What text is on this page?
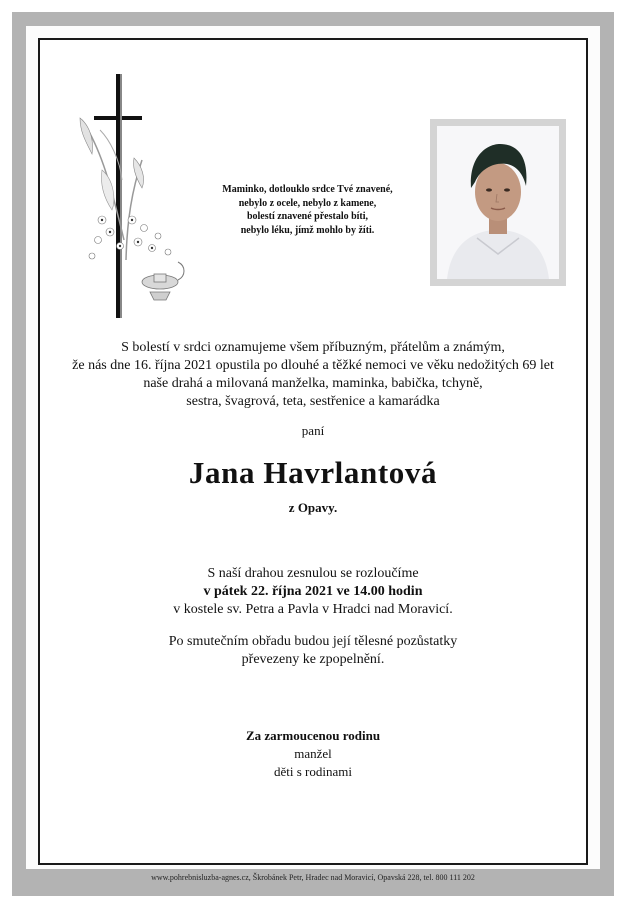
Maminko, dotlouklo srdce Tvé znavené,
nebylo z ocele, nebylo z kamene,
bolestí znavené přestalo bíti,
nebylo léku, jímž mohlo by žíti.
S bolestí v srdci oznamujeme všem příbuzným, přátelům a známým,
že nás dne 16. října 2021 opustila po dlouhé a těžké nemoci ve věku nedožitých 69 let
naše drahá a milovaná manželka, maminka, babička, tchyně,
sestra, švagrová, teta, sestřenice a kamarádka
paní
Jana Havrlantová
z Opavy.
S naší drahou zesnulou se rozloučíme
v pátek 22. října 2021 ve 14.00 hodin
v kostele sv. Petra a Pavla v Hradci nad Moravicí.
Po smutečním obřadu budou její tělesné pozůstatky
převezeny ke zpopelnění.
Za zarmoucenou rodinu
manžel
děti s rodinami
www.pohrebnisluzba-agnes.cz, Škrobánek Petr, Hradec nad Moravicí, Opavská 228, tel. 800 111 202
